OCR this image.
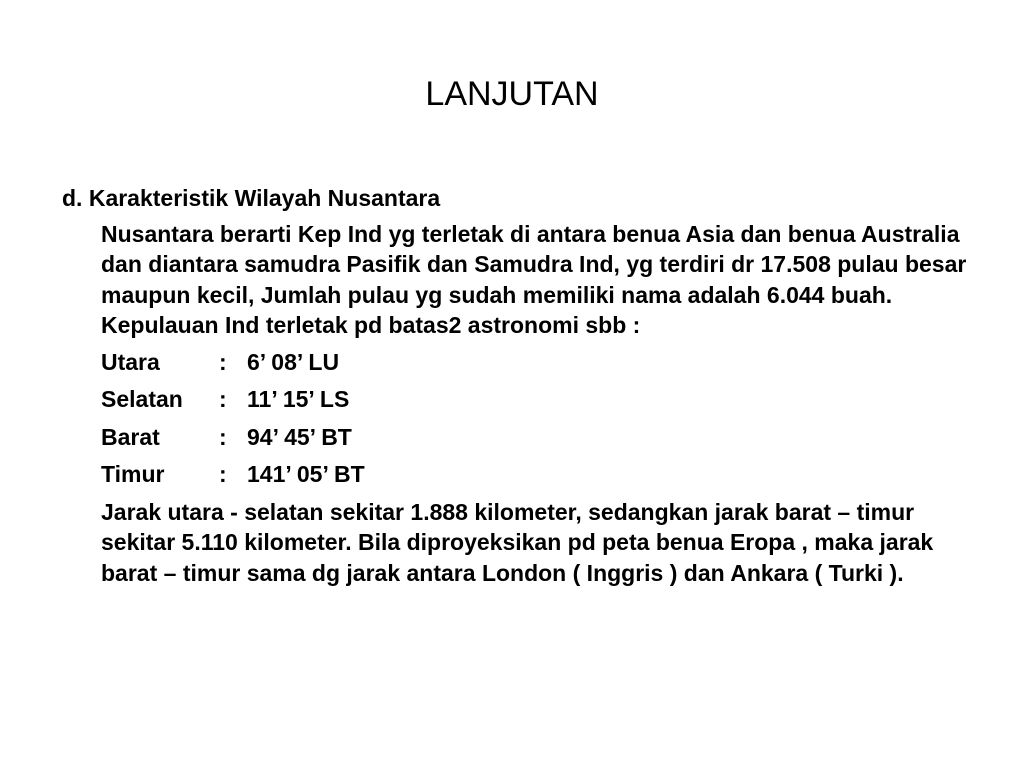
LANJUTAN

d. Karakteristik Wilayah Nusantara

Nusantara berarti Kep Ind yg terletak di antara benua Asia dan benua Australia dan diantara samudra Pasifik dan Samudra Ind, yg terdiri dr 17.508 pulau besar maupun kecil, Jumlah pulau yg sudah memiliki nama adalah 6.044 buah. Kepulauan Ind terletak pd batas2 astronomi sbb :

Utara	: 6’ 08’ LU
Selatan : 11’ 15’ LS
Barat	: 94’ 45’ BT
Timur : 141’ 05’ BT

Jarak utara - selatan sekitar 1.888 kilometer, sedangkan jarak barat – timur sekitar 5.110 kilometer. Bila diproyeksikan pd peta benua Eropa , maka jarak barat – timur sama dg jarak antara London ( Inggris ) dan Ankara ( Turki ).
